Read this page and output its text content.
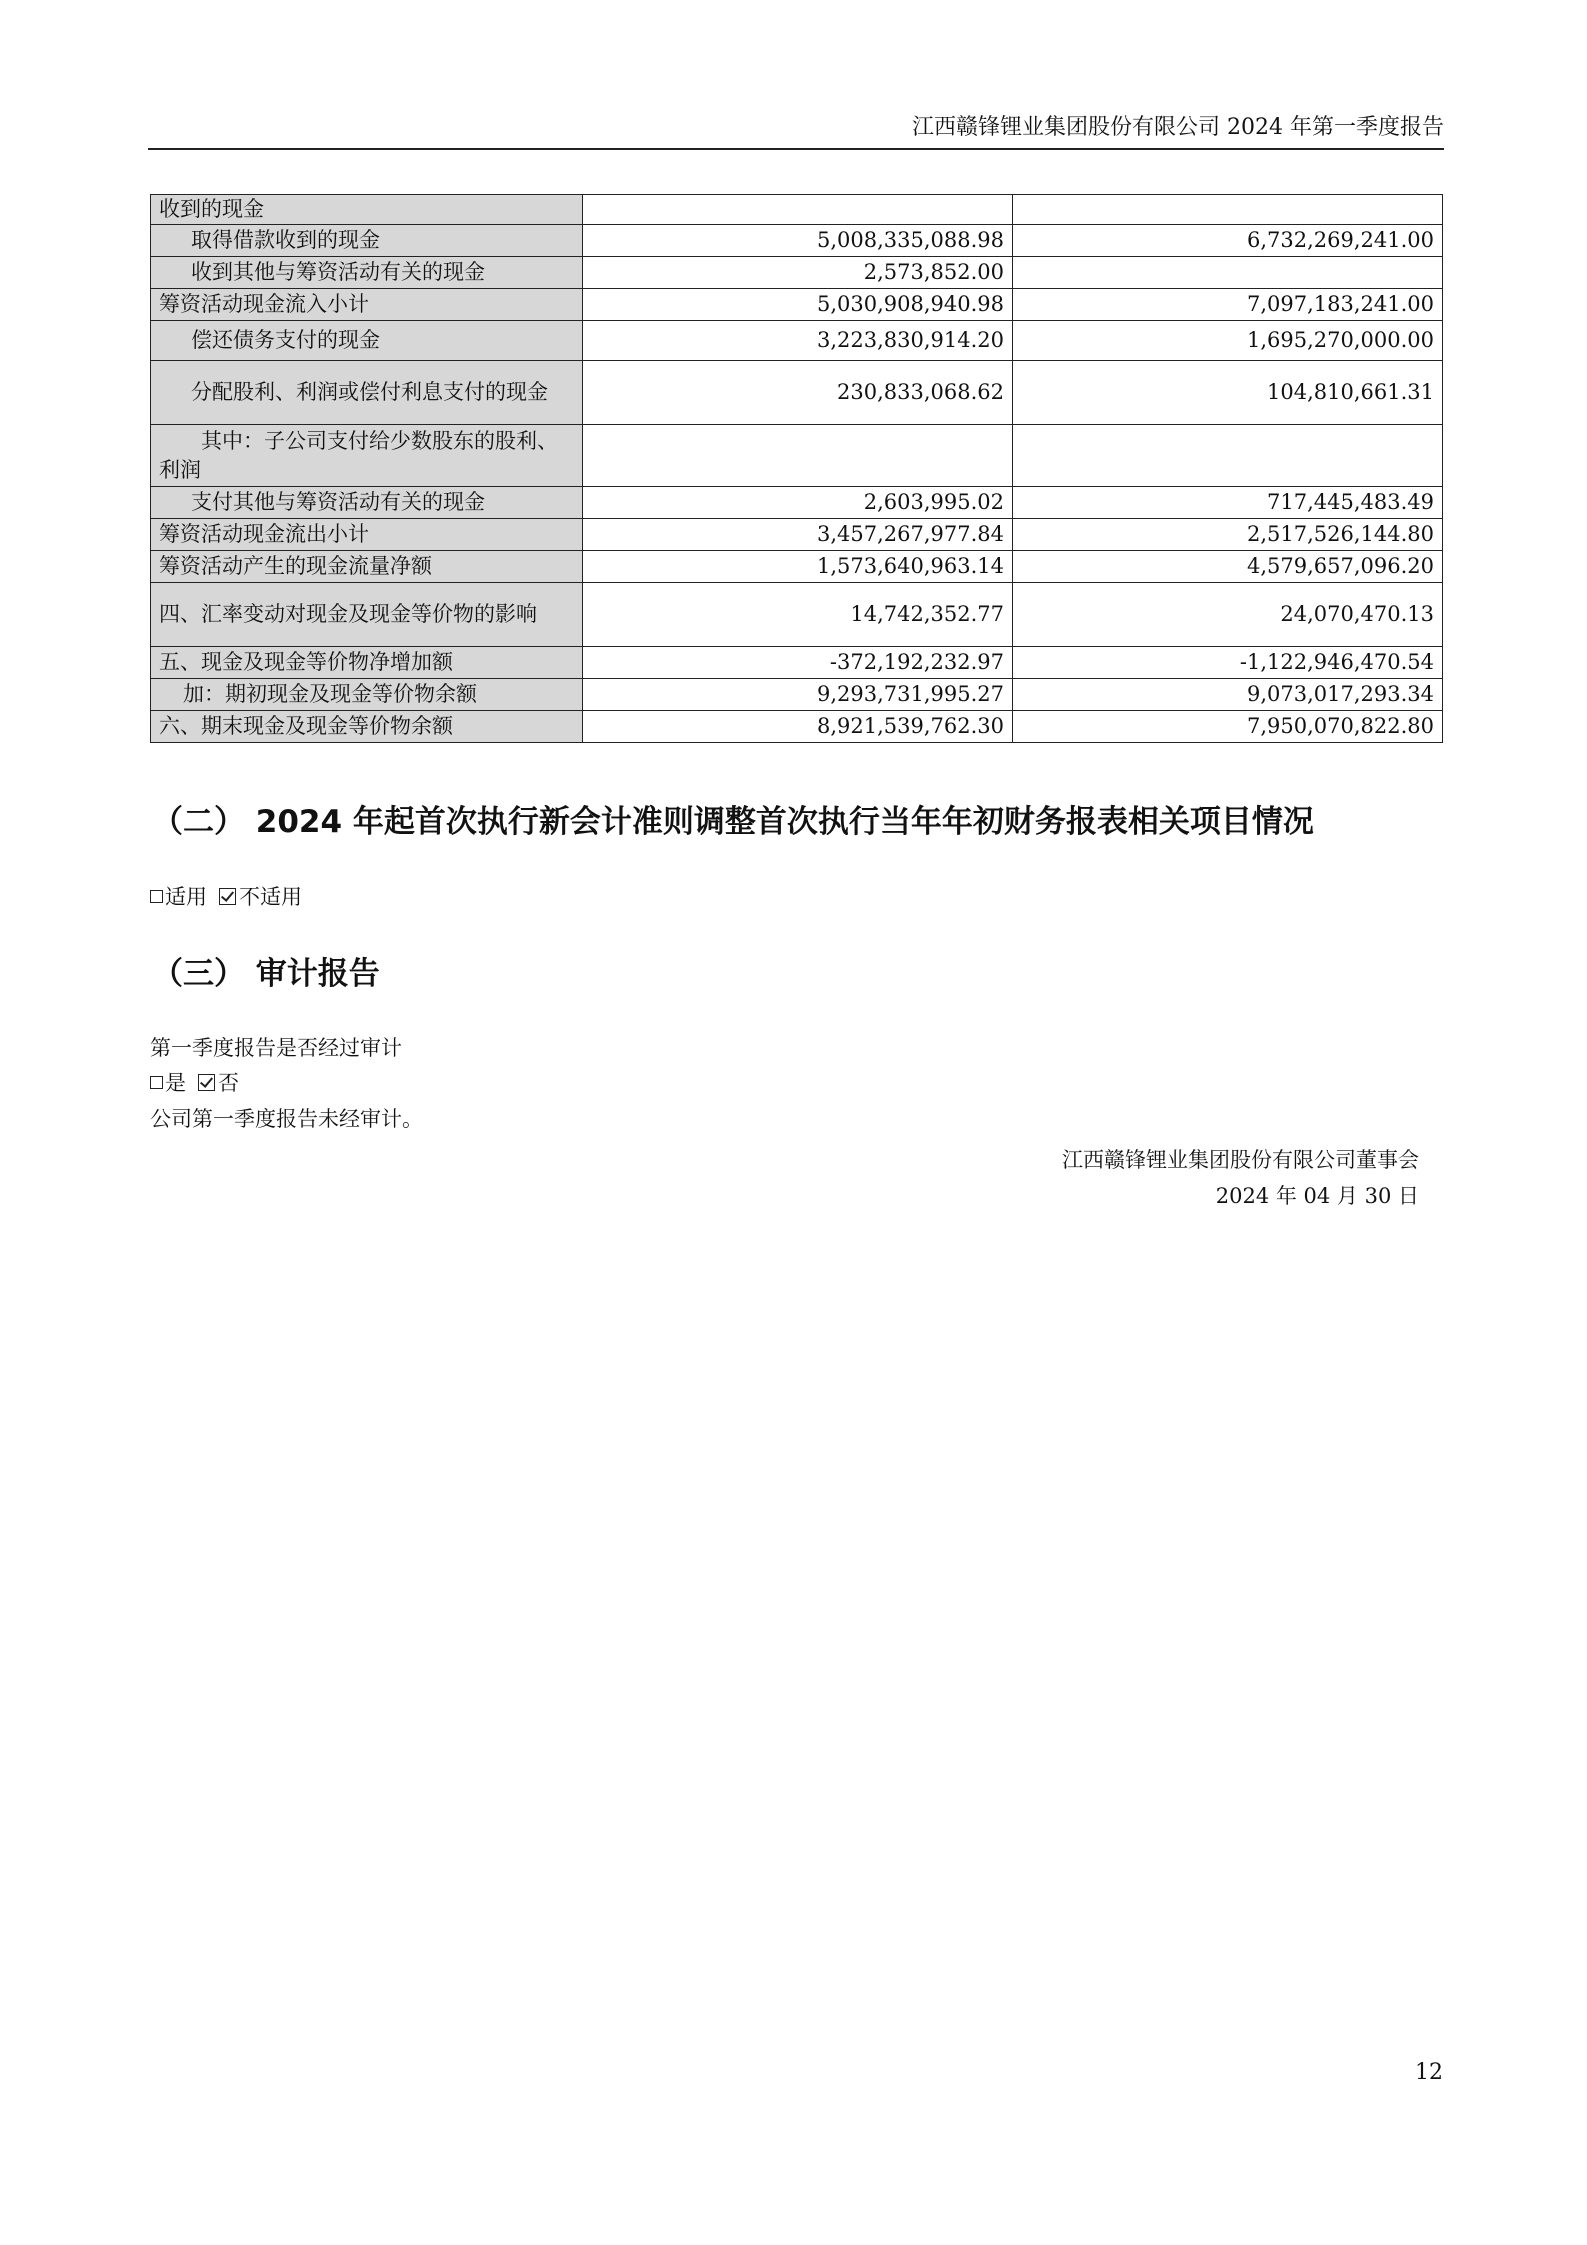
江西赣锋锂业集团股份有限公司 2024 年第一季度报告
收到的现金		
取得借款收到的现金	5,008,335,088.98	6,732,269,241.00
收到其他与筹资活动有关的现金	2,573,852.00	
筹资活动现金流入小计	5,030,908,940.98	7,097,183,241.00
偿还债务支付的现金	3,223,830,914.20	1,695,270,000.00
分配股利、利润或偿付利息支付的现金	230,833,068.62	104,810,661.31
其中：子公司支付给少数股东的股利、利润		
支付其他与筹资活动有关的现金	2,603,995.02	717,445,483.49
筹资活动现金流出小计	3,457,267,977.84	2,517,526,144.80
筹资活动产生的现金流量净额	1,573,640,963.14	4,579,657,096.20
四、汇率变动对现金及现金等价物的影响	14,742,352.77	24,070,470.13
五、现金及现金等价物净增加额	-372,192,232.97	-1,122,946,470.54
加：期初现金及现金等价物余额	9,293,731,995.27	9,073,017,293.34
六、期末现金及现金等价物余额	8,921,539,762.30	7,950,070,822.80
（二） 2024 年起首次执行新会计准则调整首次执行当年年初财务报表相关项目情况
适用 不适用
（三） 审计报告
第一季度报告是否经过审计
是 否
公司第一季度报告未经审计。
江西赣锋锂业集团股份有限公司董事会
2024 年 04 月 30 日
12
